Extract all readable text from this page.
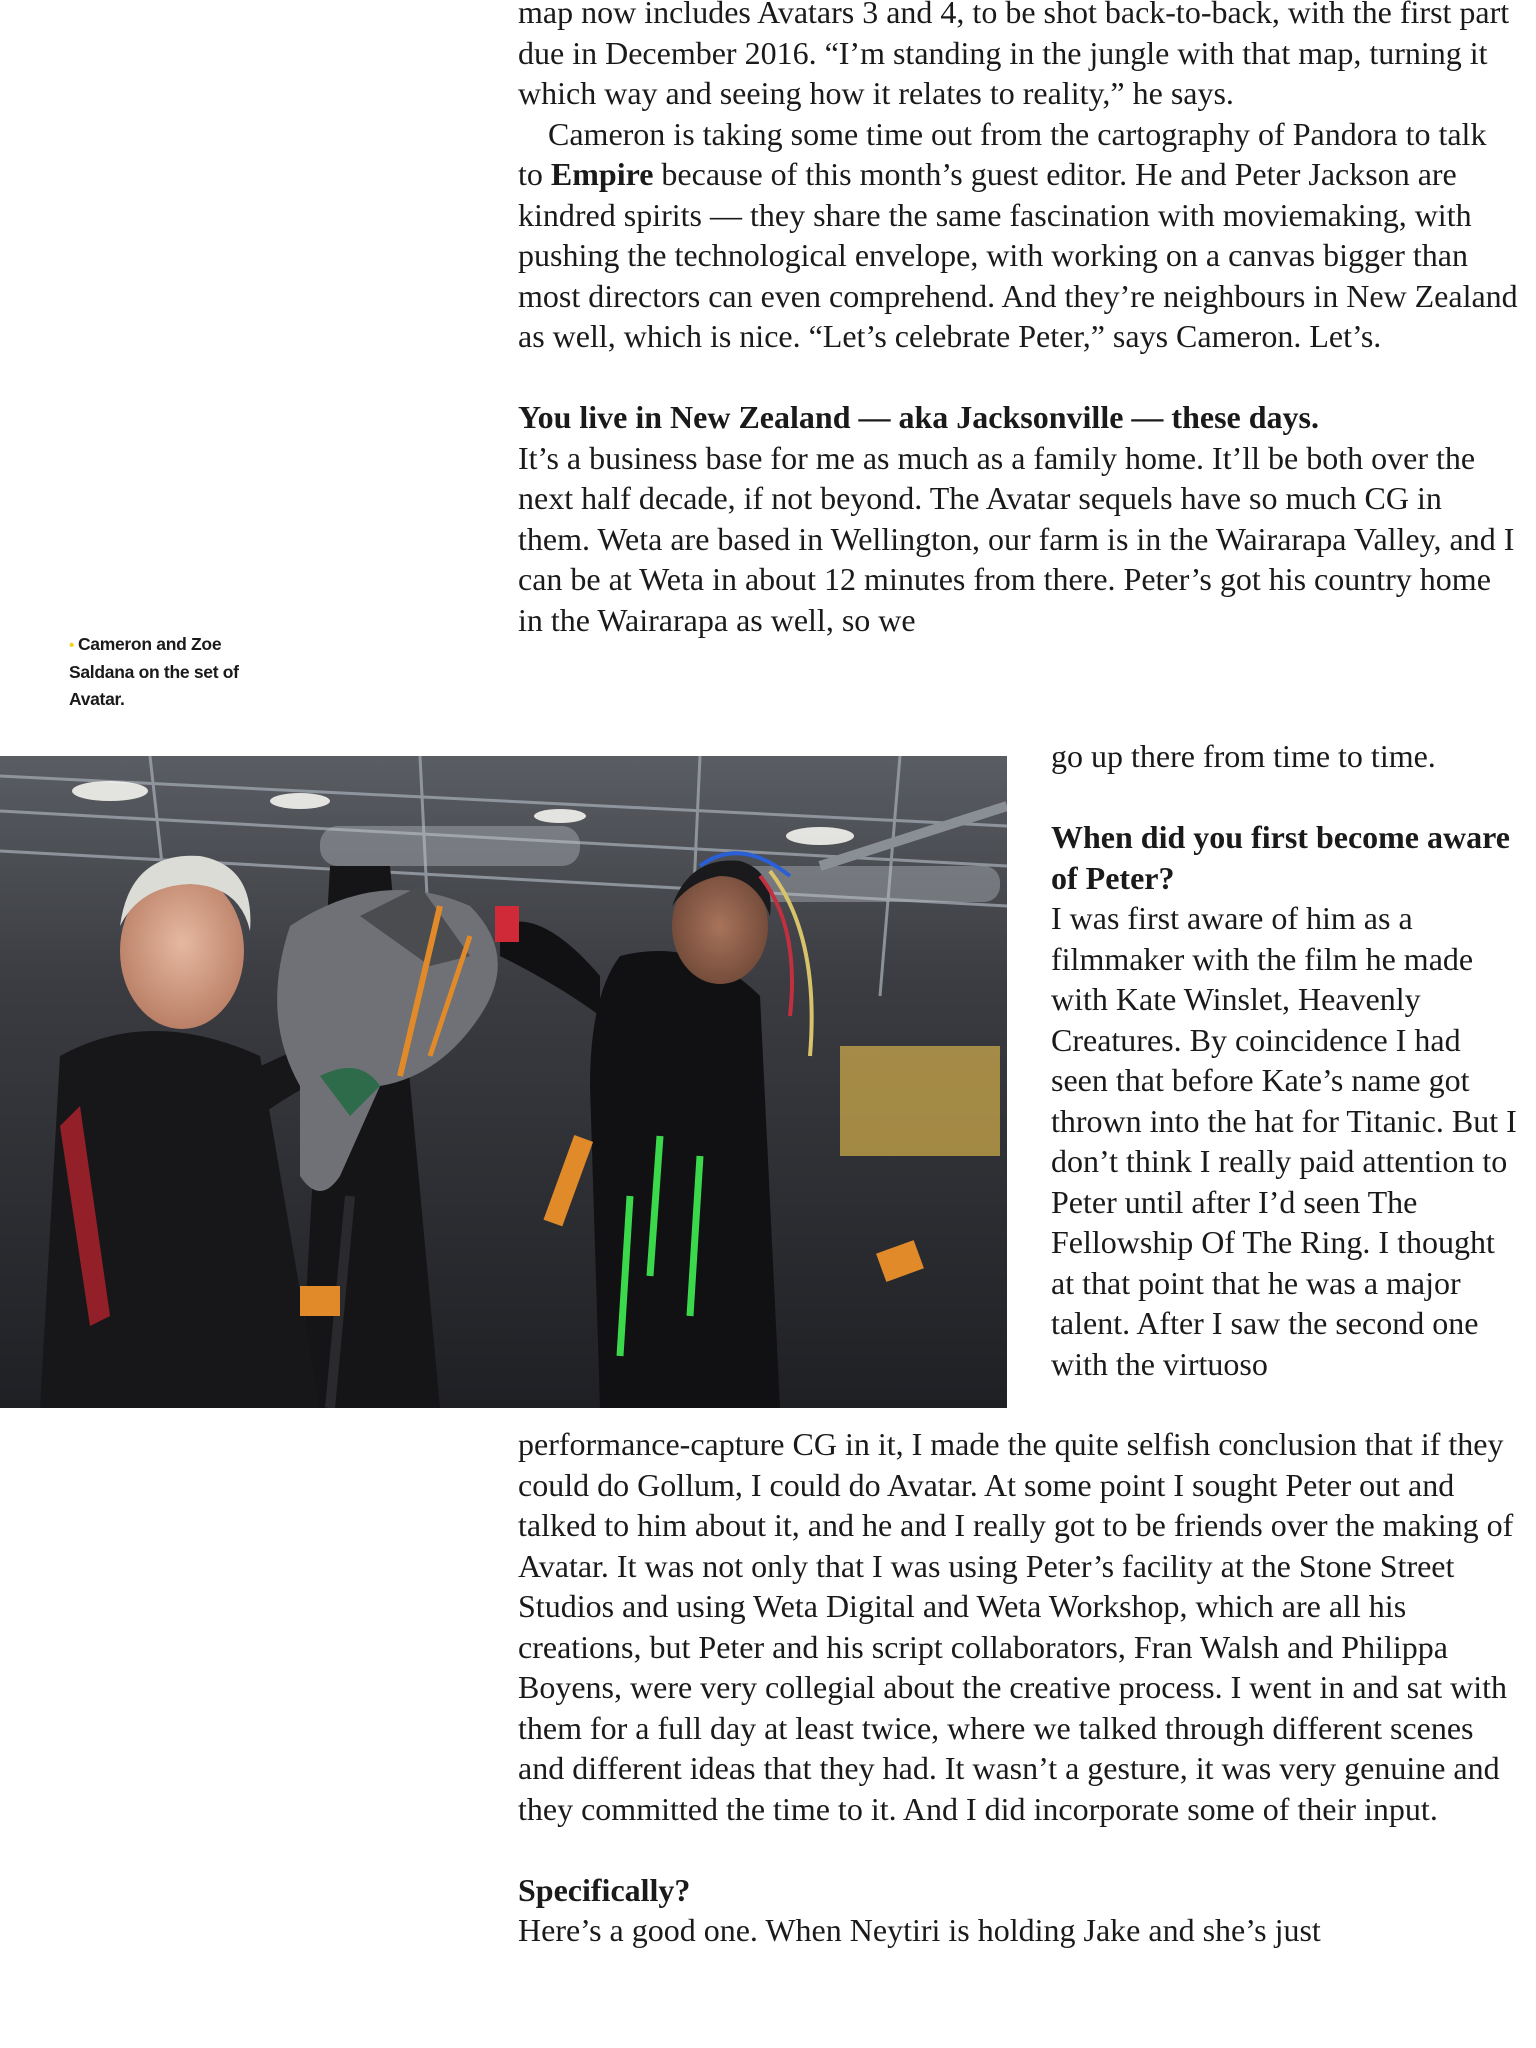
map now includes Avatars 3 and 4, to be shot back-to-back, with the first part due in December 2016. “I’m standing in the jungle with that map, turning it which way and seeing how it relates to reality,” he says.

Cameron is taking some time out from the cartography of Pandora to talk to Empire because of this month’s guest editor. He and Peter Jackson are kindred spirits — they share the same fascination with moviemaking, with pushing the technological envelope, with working on a canvas bigger than most directors can even comprehend. And they’re neighbours in New Zealand as well, which is nice. “Let’s celebrate Peter,” says Cameron. Let’s.

You live in New Zealand — aka Jacksonville — these days.

It’s a business base for me as much as a family home. It’ll be both over the next half decade, if not beyond. The Avatar sequels have so much CG in them. Weta are based in Wellington, our farm is in the Wairarapa Valley, and I can be at Weta in about 12 minutes from there. Peter’s got his country home in the Wairarapa as well, so we

• Cameron and Zoe Saldana on the set of Avatar.

go up there from time to time.

When did you first become aware of Peter?

I was first aware of him as a filmmaker with the film he made with Kate Winslet, Heavenly Creatures. By coincidence I had seen that before Kate’s name got thrown into the hat for Titanic. But I don’t think I really paid attention to Peter until after I’d seen The Fellowship Of The Ring. I thought at that point that he was a major talent. After I saw the second one with the virtuoso

performance-capture CG in it, I made the quite selfish conclusion that if they could do Gollum, I could do Avatar. At some point I sought Peter out and talked to him about it, and he and I really got to be friends over the making of Avatar. It was not only that I was using Peter’s facility at the Stone Street Studios and using Weta Digital and Weta Workshop, which are all his creations, but Peter and his script collaborators, Fran Walsh and Philippa Boyens, were very collegial about the creative process. I went in and sat with them for a full day at least twice, where we talked through different scenes and different ideas that they had. It wasn’t a gesture, it was very genuine and they committed the time to it. And I did incorporate some of their input.

Specifically?

Here’s a good one. When Neytiri is holding Jake and she’s just
